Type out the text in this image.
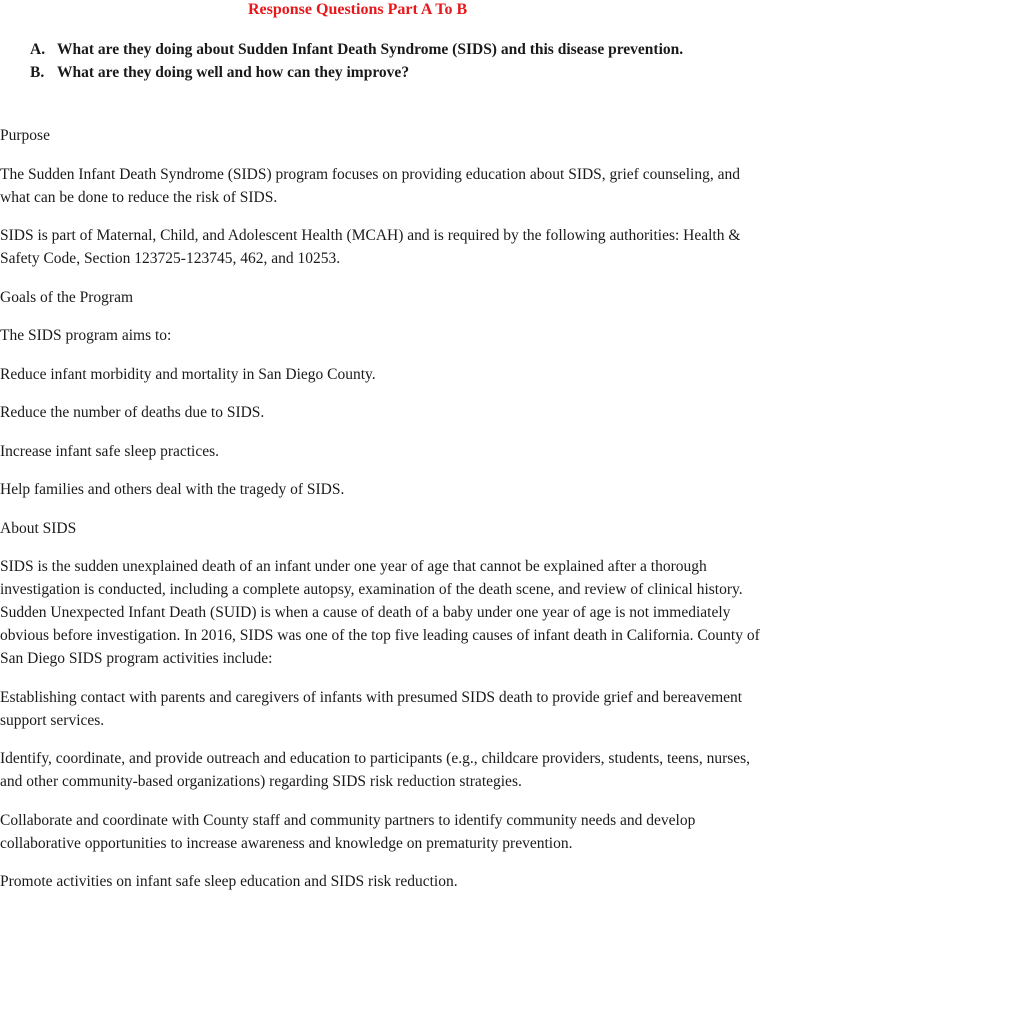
Response Questions Part A To B
A. What are they doing about Sudden Infant Death Syndrome (SIDS) and this disease prevention.
B. What are they doing well and how can they improve?

Purpose

The Sudden Infant Death Syndrome (SIDS) program focuses on providing education about SIDS, grief counseling, and what can be done to reduce the risk of SIDS.

SIDS is part of Maternal, Child, and Adolescent Health (MCAH) and is required by the following authorities: Health & Safety Code, Section 123725-123745, 462, and 10253.

Goals of the Program

The SIDS program aims to:

Reduce infant morbidity and mortality in San Diego County.

Reduce the number of deaths due to SIDS.

Increase infant safe sleep practices.

Help families and others deal with the tragedy of SIDS.

About SIDS

SIDS is the sudden unexplained death of an infant under one year of age that cannot be explained after a thorough investigation is conducted, including a complete autopsy, examination of the death scene, and review of clinical history. Sudden Unexpected Infant Death (SUID) is when a cause of death of a baby under one year of age is not immediately obvious before investigation. In 2016, SIDS was one of the top five leading causes of infant death in California. County of San Diego SIDS program activities include:

Establishing contact with parents and caregivers of infants with presumed SIDS death to provide grief and bereavement support services.

Identify, coordinate, and provide outreach and education to participants (e.g., childcare providers, students, teens, nurses, and other community-based organizations) regarding SIDS risk reduction strategies.

Collaborate and coordinate with County staff and community partners to identify community needs and develop collaborative opportunities to increase awareness and knowledge on prematurity prevention.

Promote activities on infant safe sleep education and SIDS risk reduction.
